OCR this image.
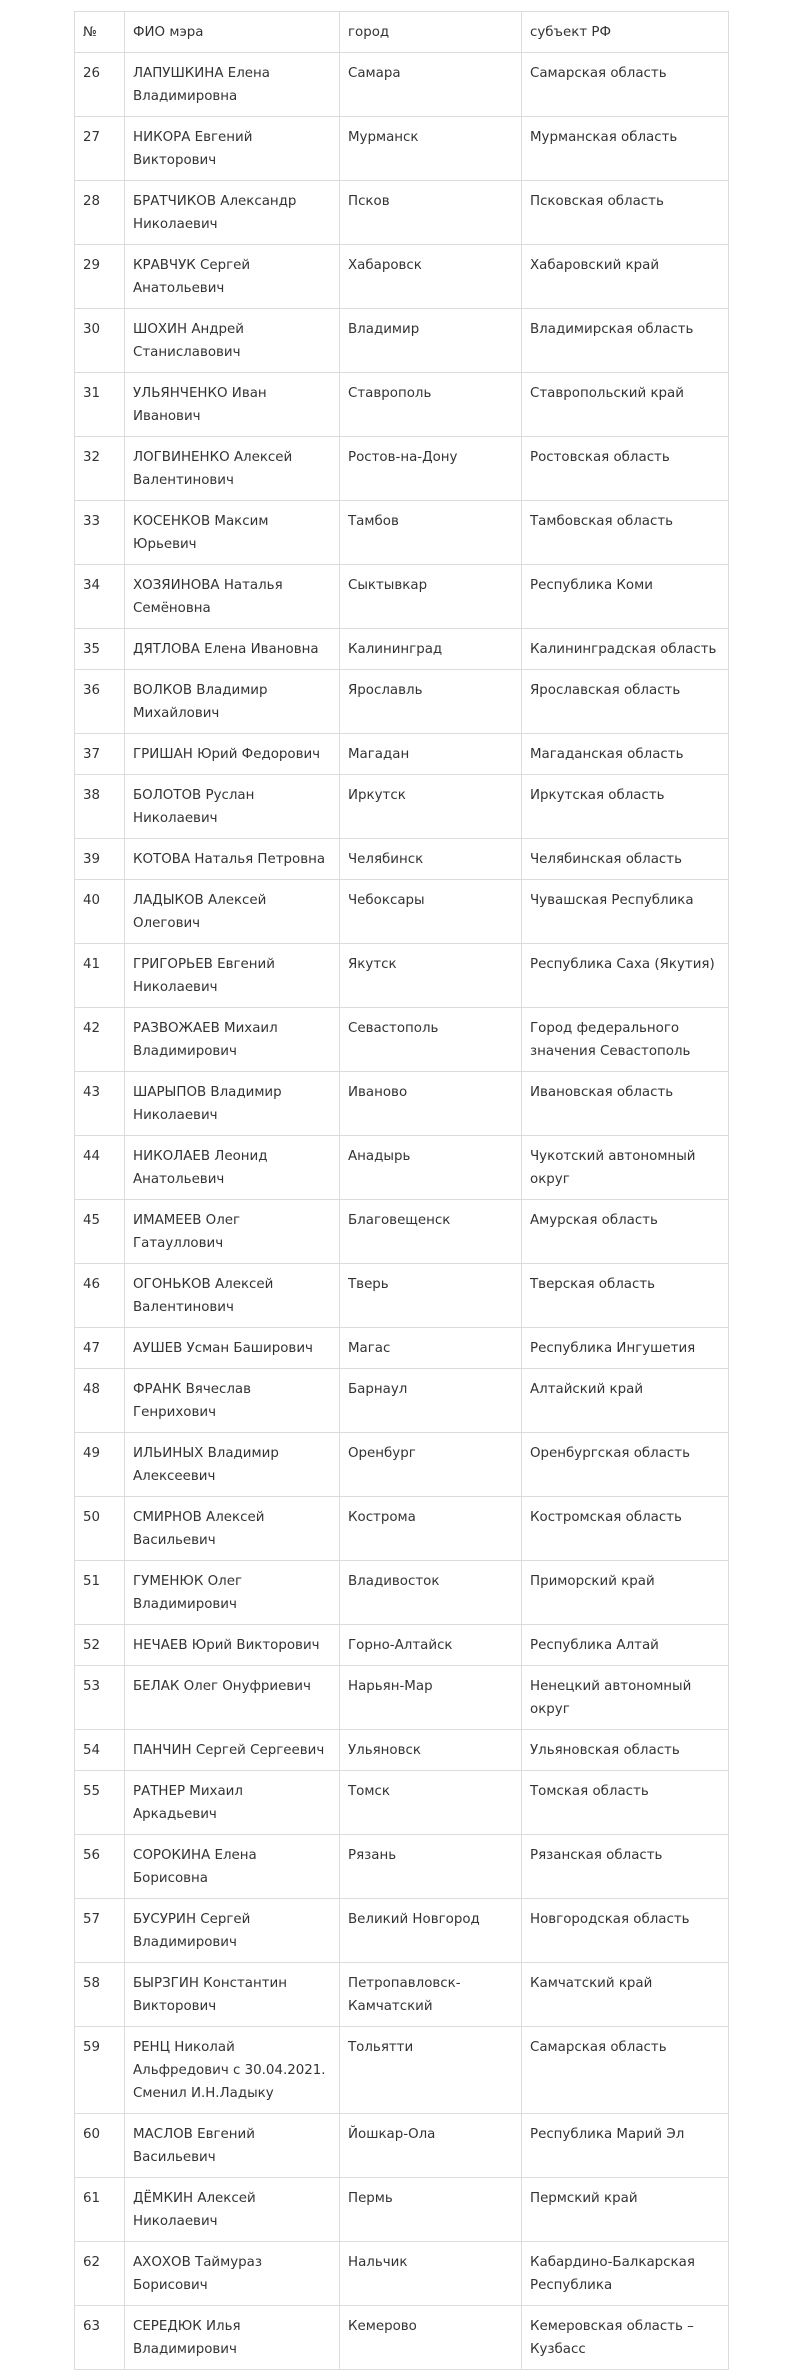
№	ФИО мэра	город	субъект РФ
26	ЛАПУШКИНА Елена Владимировна	Самара	Самарская область
27	НИКОРА Евгений Викторович	Мурманск	Мурманская область
28	БРАТЧИКОВ Александр Николаевич	Псков	Псковская область
29	КРАВЧУК Сергей Анатольевич	Хабаровск	Хабаровский край
30	ШОХИН Андрей Станиславович	Владимир	Владимирская область
31	УЛЬЯНЧЕНКО Иван Иванович	Ставрополь	Ставропольский край
32	ЛОГВИНЕНКО Алексей Валентинович	Ростов-на-Дону	Ростовская область
33	КОСЕНКОВ Максим Юрьевич	Тамбов	Тамбовская область
34	ХОЗЯИНОВА Наталья Семёновна	Сыктывкар	Республика Коми
35	ДЯТЛОВА Елена Ивановна	Калининград	Калининградская область
36	ВОЛКОВ Владимир Михайлович	Ярославль	Ярославская область
37	ГРИШАН Юрий Федорович	Магадан	Магаданская область
38	БОЛОТОВ Руслан Николаевич	Иркутск	Иркутская область
39	КОТОВА Наталья Петровна	Челябинск	Челябинская область
40	ЛАДЫКОВ Алексей Олегович	Чебоксары	Чувашская Республика
41	ГРИГОРЬЕВ Евгений Николаевич	Якутск	Республика Саха (Якутия)
42	РАЗВОЖАЕВ Михаил Владимирович	Севастополь	Город федерального значения Севастополь
43	ШАРЫПОВ Владимир Николаевич	Иваново	Ивановская область
44	НИКОЛАЕВ Леонид Анатольевич	Анадырь	Чукотский автономный округ
45	ИМАМЕЕВ Олег Гатауллович	Благовещенск	Амурская область
46	ОГОНЬКОВ Алексей Валентинович	Тверь	Тверская область
47	АУШЕВ Усман Баширович	Магас	Республика Ингушетия
48	ФРАНК Вячеслав Генрихович	Барнаул	Алтайский край
49	ИЛЬИНЫХ Владимир Алексеевич	Оренбург	Оренбургская область
50	СМИРНОВ Алексей Васильевич	Кострома	Костромская область
51	ГУМЕНЮК Олег Владимирович	Владивосток	Приморский край
52	НЕЧАЕВ Юрий Викторович	Горно-Алтайск	Республика Алтай
53	БЕЛАК Олег Онуфриевич	Нарьян-Мар	Ненецкий автономный округ
54	ПАНЧИН Сергей Сергеевич	Ульяновск	Ульяновская область
55	РАТНЕР Михаил Аркадьевич	Томск	Томская область
56	СОРОКИНА Елена Борисовна	Рязань	Рязанская область
57	БУСУРИН Сергей Владимирович	Великий Новгород	Новгородская область
58	БЫРЗГИН Константин Викторович	Петропавловск-Камчатский	Камчатский край
59	РЕНЦ Николай Альфредович с 30.04.2021. Сменил И.Н.Ладыку	Тольятти	Самарская область
60	МАСЛОВ Евгений Васильевич	Йошкар-Ола	Республика Марий Эл
61	ДЁМКИН Алексей Николаевич	Пермь	Пермский край
62	АХОХОВ Таймураз Борисович	Нальчик	Кабардино-Балкарская Республика
63	СЕРЕДЮК Илья Владимирович	Кемерово	Кемеровская область – Кузбасс
